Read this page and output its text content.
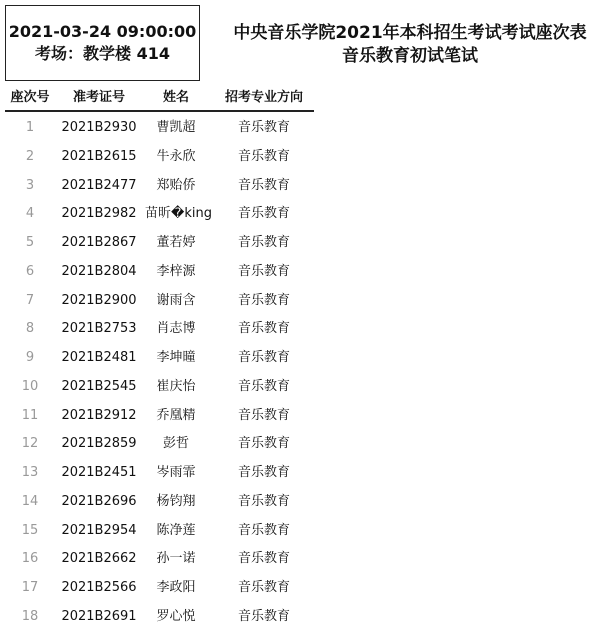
2021-03-24 09:00:00
考场：教学楼 414
中央音乐学院2021年本科招生考试考试座次表
音乐教育初试笔试
座次号	准考证号	姓名	招考专业方向
1	2021B2930	曹凯超	音乐教育
2	2021B2615	牛永欣	音乐教育
3	2021B2477	郑贻侨	音乐教育
4	2021B2982 苗昕�king	音乐教育
5	2021B2867	董若婷	音乐教育
6	2021B2804	李梓源	音乐教育
7	2021B2900	谢雨含	音乐教育
8	2021B2753	肖志博	音乐教育
9	2021B2481	李坤曈	音乐教育
10	2021B2545	崔庆怡	音乐教育
11	2021B2912	乔凰精	音乐教育
12	2021B2859	彭哲	音乐教育
13	2021B2451	岑雨霏	音乐教育
14	2021B2696	杨钧翔	音乐教育
15	2021B2954	陈净莲	音乐教育
16	2021B2662	孙一诺	音乐教育
17	2021B2566	李政阳	音乐教育
18	2021B2691	罗心悦	音乐教育
